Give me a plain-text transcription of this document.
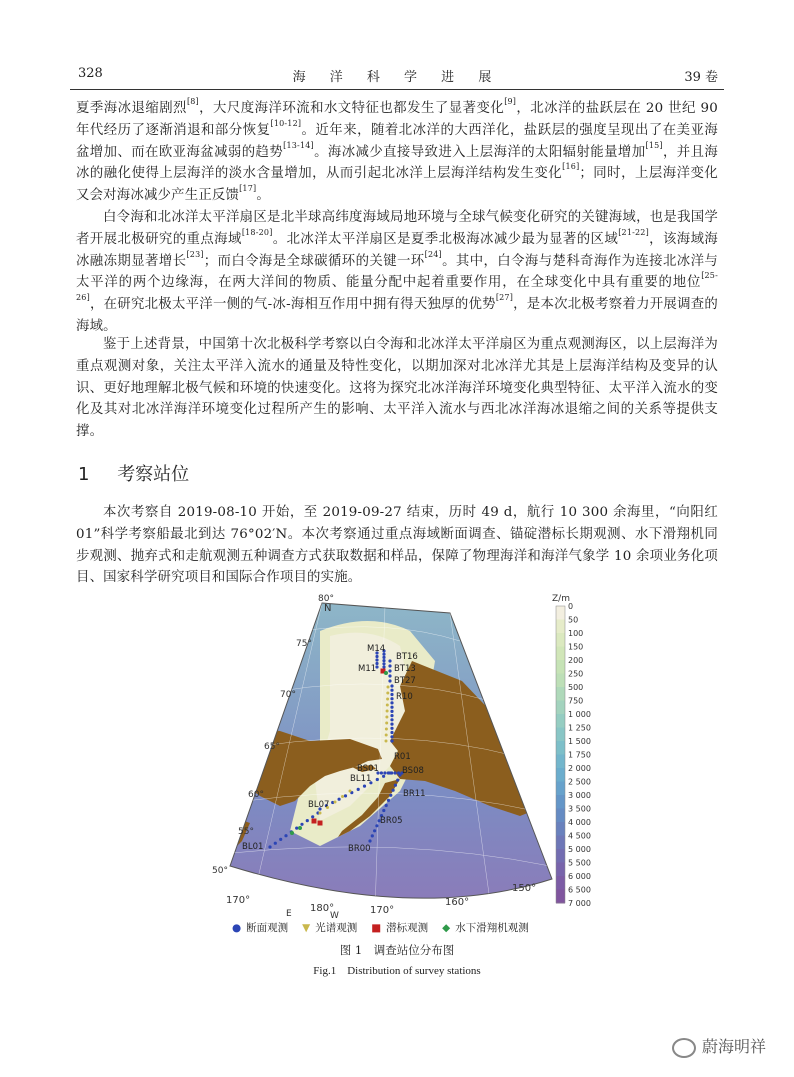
328	海 洋 科 学 进 展	39 卷
夏季海冰退缩剧烈[8]，大尺度海洋环流和水文特征也都发生了显著变化[9]，北冰洋的盐跃层在 20 世纪 90 年代经历了逐渐消退和部分恢复[10-12]。近年来，随着北冰洋的大西洋化，盐跃层的强度呈现出了在美亚海盆增加、而在欧亚海盆减弱的趋势[13-14]。海冰减少直接导致进入上层海洋的太阳辐射能量增加[15]，并且海冰的融化使得上层海洋的淡水含量增加，从而引起北冰洋上层海洋结构发生变化[16]；同时，上层海洋变化又会对海冰减少产生正反馈[17]。
白令海和北冰洋太平洋扇区是北半球高纬度海域局地环境与全球气候变化研究的关键海域，也是我国学者开展北极研究的重点海域[18-20]。北冰洋太平洋扇区是夏季北极海冰减少最为显著的区域[21-22]，该海域海冰融冻期显著增长[23]；而白令海是全球碳循环的关键一环[24]。其中，白令海与楚科奇海作为连接北冰洋与太平洋的两个边缘海，在两大洋间的物质、能量分配中起着重要作用，在全球变化中具有重要的地位[25-26]，在研究北极太平洋一侧的气-冰-海相互作用中拥有得天独厚的优势[27]，是本次北极考察着力开展调查的海域。
鉴于上述背景，中国第十次北极科学考察以白令海和北冰洋太平洋扇区为重点观测海区，以上层海洋为重点观测对象，关注太平洋入流水的通量及特性变化，以期加深对北冰洋尤其是上层海洋结构及变异的认识、更好地理解北极气候和环境的快速变化。这将为探究北冰洋海洋环境变化典型特征、太平洋入流水的变化及其对北冰洋海洋环境变化过程所产生的影响、太平洋入流水与西北冰洋海冰退缩之间的关系等提供支撑。
1 考察站位
本次考察自 2019-08-10 开始，至 2019-09-27 结束，历时 49 d，航行 10 300 余海里，“向阳红 01”科学考察船最北到达 76°02′N。本次考察通过重点海域断面调查、锚碇潜标长期观测、水下滑翔机同步观测、抛弃式和走航观测五种调查方式获取数据和样品，保障了物理海洋和海洋气象学 10 余项业务化项目、国家科学研究项目和国际合作项目的实施。
80°
75°
70°
65°
60°
55°
50°
N
170°
180°	170°
160°
150°
E	W
M14
BT16
M11 BT13
BT27
R10
R01
BS01	BS08
BL11
BR11
BL07
BR05
BR00
BL01
Z/m
0
50
100
150
200
250
500
750
1 000
1 250
1 500
1 750
2 000
2 500
3 000
3 500
4 000
4 500
5 000
5 500
6 000
6 500
7 000
● 断面观测 ▼ 光谱观测 ■ 潜标观测 ◆ 水下滑翔机观测
图 1　调查站位分布图
Fig.1　Distribution of survey stations
蔚海明祥
